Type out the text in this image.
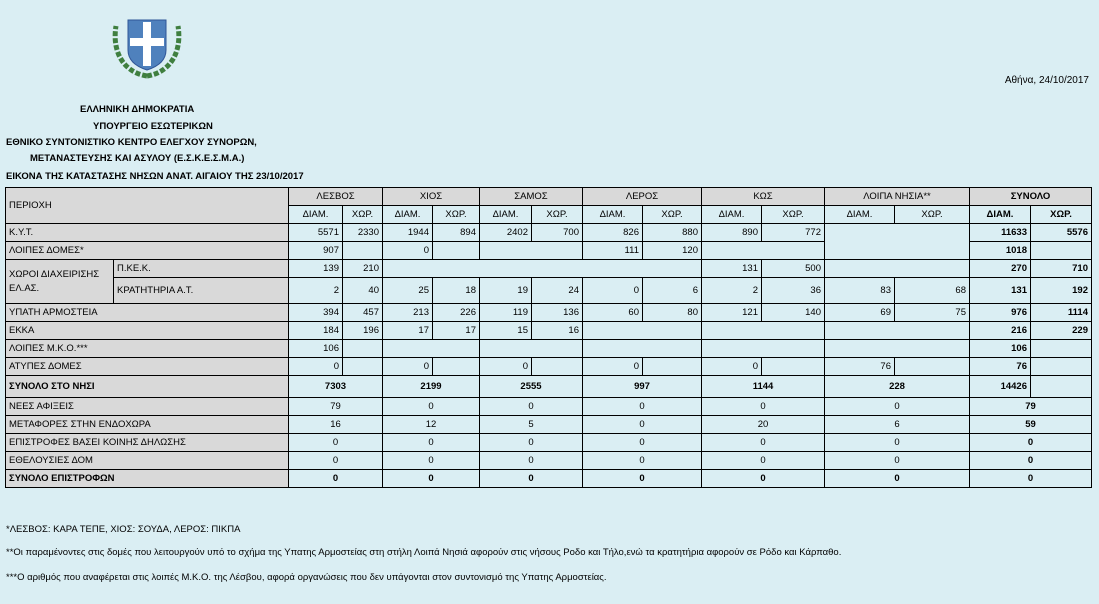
Αθήνα, 24/10/2017
ΕΛΛΗΝΙΚΗ ΔΗΜΟΚΡΑΤΙΑ
ΥΠΟΥΡΓΕΙΟ ΕΣΩΤΕΡΙΚΩΝ
ΕΘΝΙΚΟ ΣΥΝΤΟΝΙΣΤΙΚΟ ΚΕΝΤΡΟ ΕΛΕΓΧΟΥ ΣΥΝΟΡΩΝ,
ΜΕΤΑΝΑΣΤΕΥΣΗΣ ΚΑΙ ΑΣΥΛΟΥ (Ε.Σ.Κ.Ε.Σ.Μ.Α.)
ΕΙΚΟΝΑ ΤΗΣ ΚΑΤΑΣΤΑΣΗΣ ΝΗΣΩΝ ΑΝΑΤ. ΑΙΓΑΙΟΥ ΤΗΣ 23/10/2017
ΠΕΡΙΟΧΗ		ΛΕΣΒΟΣ		ΧΙΟΣ		ΣΑΜΟΣ		ΛΕΡΟΣ		ΚΩΣ		ΛΟΙΠΑ ΝΗΣΙΑ**		ΣΥΝΟΛΟ	
		ΔΙΑΜ.	ΧΩΡ.	ΔΙΑΜ.	ΧΩΡ.	ΔΙΑΜ.	ΧΩΡ.	ΔΙΑΜ.	ΧΩΡ.	ΔΙΑΜ.	ΧΩΡ.	ΔΙΑΜ.	ΧΩΡ.	ΔΙΑΜ.	ΧΩΡ.
Κ.Υ.Τ.		5571	2330	1944	894	2402	700	826	880	890	772			11633	5576
ΛΟΙΠΕΣ ΔΟΜΕΣ*		907		0				111	120					1018	
ΧΩΡΟΙ ΔΙΑΧΕΙΡΙΣΗΣ ΕΛ.ΑΣ.	Π.ΚΕ.Κ.	139	210							131	500			270	710
	ΚΡΑΤΗΤΗΡΙΑ Α.Τ.	2	40	25	18	19	24	0	6	2	36	83	68	131	192
ΥΠΑΤΗ ΑΡΜΟΣΤΕΙΑ		394	457	213	226	119	136	60	80	121	140	69	75	976	1114
ΕΚΚΑ		184	196	17	17	15	16							216	229
ΛΟΙΠΕΣ Μ.Κ.Ο.***		106												106	
ΑΤΥΠΕΣ ΔΟΜΕΣ		0		0		0		0		0		76		76	
ΣΥΝΟΛΟ ΣΤΟ ΝΗΣΙ		7303		2199		2555		997		1144		228		14426	
ΝΕΕΣ ΑΦΙΞΕΙΣ		79		0		0		0		0		0		79	
ΜΕΤΑΦΟΡΕΣ ΣΤΗΝ ΕΝΔΟΧΩΡΑ		16		12		5		0		20		6		59	
ΕΠΙΣΤΡΟΦΕΣ ΒΑΣΕΙ ΚΟΙΝΗΣ ΔΗΛΩΣΗΣ		0		0		0		0		0		0		0	
ΕΘΕΛΟΥΣΙΕΣ ΔΟΜ		0		0		0		0		0		0		0	
ΣΥΝΟΛΟ ΕΠΙΣΤΡΟΦΩΝ		0		0		0		0		0		0		0	
*ΛΕΣΒΟΣ: ΚΑΡΑ ΤΕΠΕ, ΧΙΟΣ: ΣΟΥΔΑ, ΛΕΡΟΣ: ΠΙΚΠΑ
**Οι παραμένοντες στις δομές που λειτουργούν υπό το σχήμα της Υπατης Αρμοστείας στη στήλη Λοιπά Νησιά αφορούν στις νήσους Ροδο και Τήλο,ενώ τα κρατητήρια αφορούν σε Ρόδο και Κάρπαθο.
***Ο αριθμός που αναφέρεται στις λοιπές Μ.Κ.Ο. της Λέσβου, αφορά οργανώσεις που δεν υπάγονται στον συντονισμό της Υπατης Αρμοστείας.
